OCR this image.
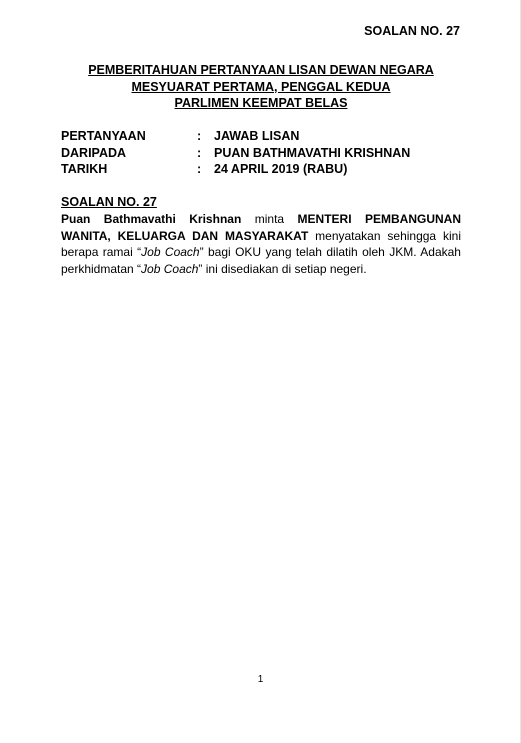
SOALAN NO. 27
PEMBERITAHUAN PERTANYAAN LISAN DEWAN NEGARA
MESYUARAT PERTAMA, PENGGAL KEDUA
PARLIMEN KEEMPAT BELAS
PERTANYAAN	:	JAWAB LISAN
DARIPADA	:	PUAN BATHMAVATHI KRISHNAN
TARIKH	:	24 APRIL 2019 (RABU)
SOALAN NO. 27
Puan Bathmavathi Krishnan minta MENTERI PEMBANGUNAN WANITA, KELUARGA DAN MASYARAKAT menyatakan sehingga kini berapa ramai “Job Coach” bagi OKU yang telah dilatih oleh JKM. Adakah perkhidmatan “Job Coach” ini disediakan di setiap negeri.
1
